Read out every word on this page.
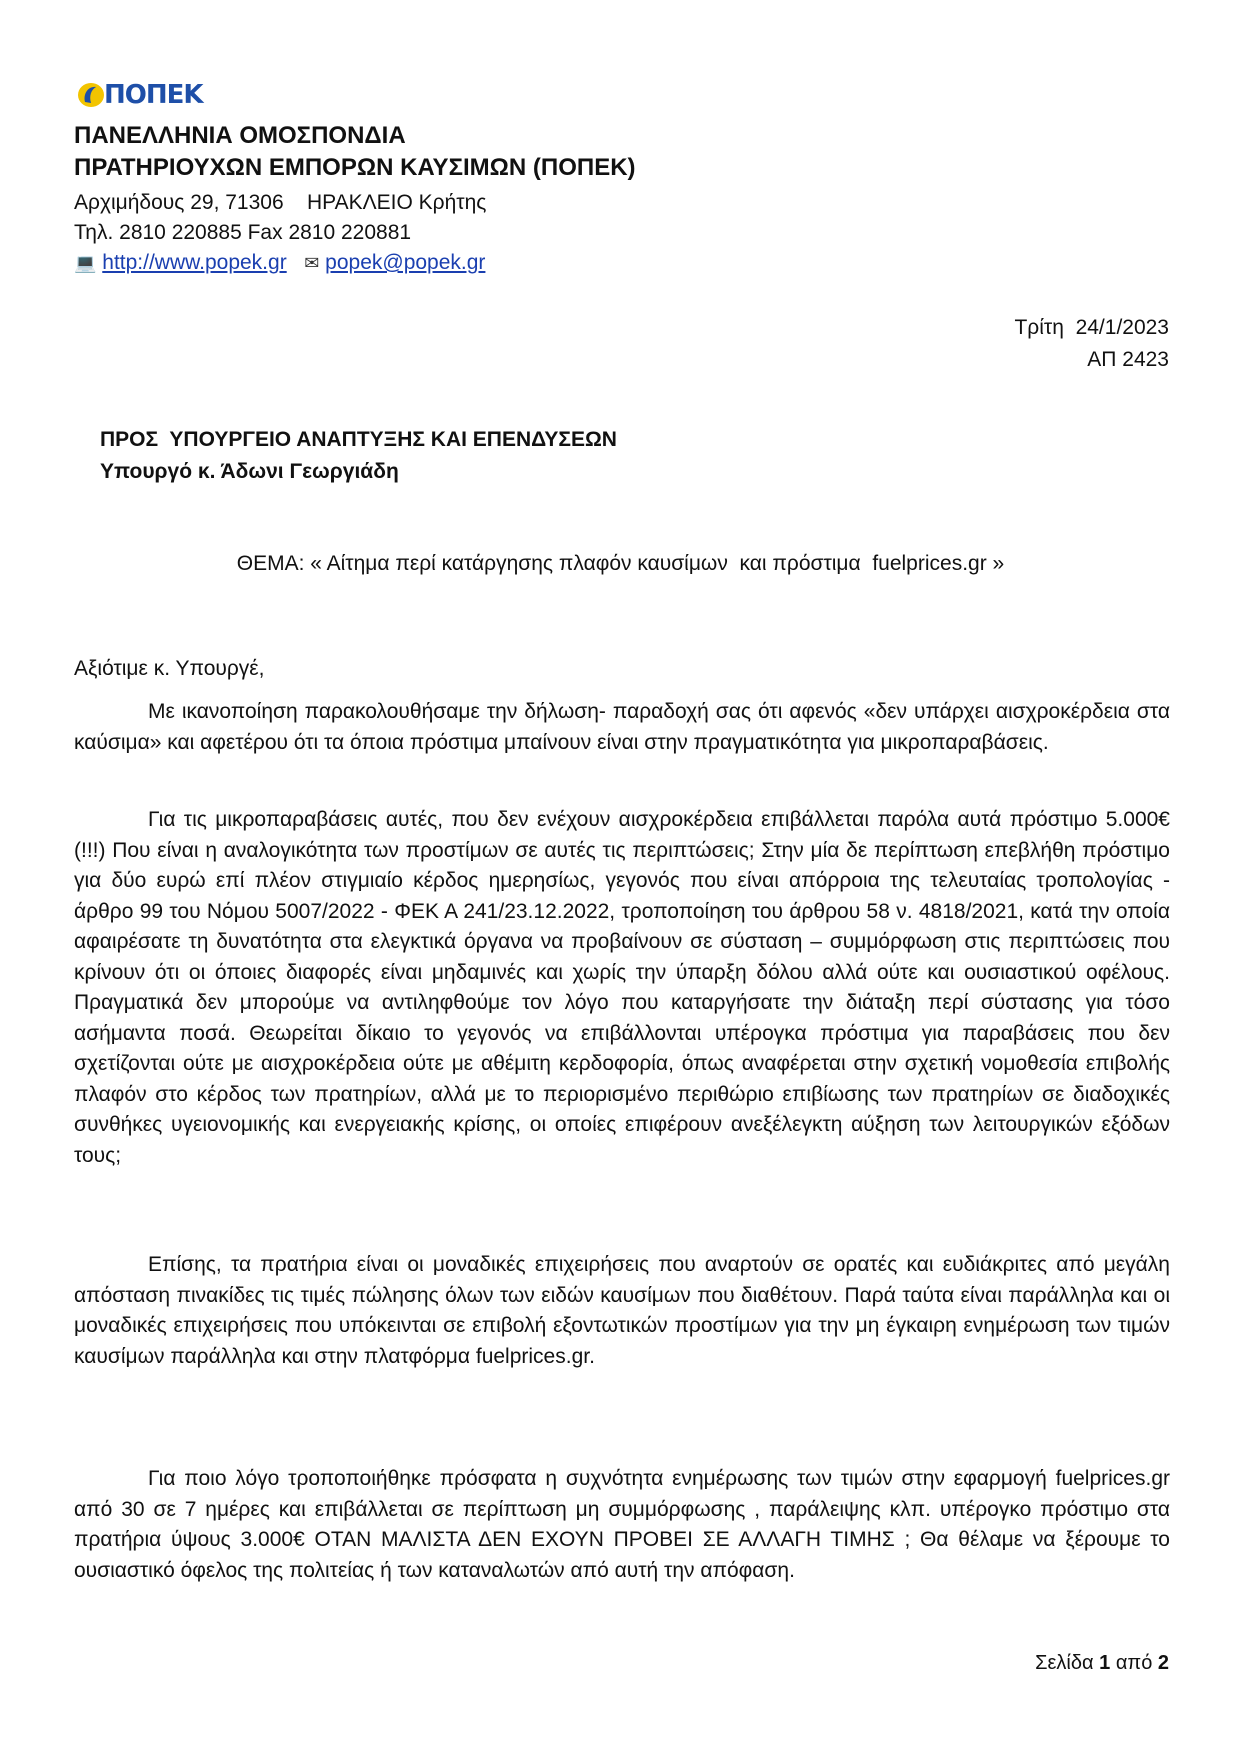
ΠΟΠΕΚ
ΠΑΝΕΛΛΗΝΙΑ ΟΜΟΣΠΟΝΔΙΑ
ΠΡΑΤΗΡΙΟΥΧΩΝ ΕΜΠΟΡΩΝ ΚΑΥΣΙΜΩΝ (ΠΟΠΕΚ)
Αρχιμήδους 29, 71306    ΗΡΑΚΛΕΙΟ Κρήτης
Τηλ. 2810 220885 Fax 2810 220881
💻 http://www.popek.gr ✉ popek@popek.gr
Τρίτη  24/1/2023
ΑΠ 2423
ΠΡΟΣ  ΥΠΟΥΡΓΕΙΟ ΑΝΑΠΤΥΞΗΣ ΚΑΙ ΕΠΕΝΔΥΣΕΩΝ
Υπουργό κ. Άδωνι Γεωργιάδη
ΘΕΜΑ: « Αίτημα περί κατάργησης πλαφόν καυσίμων  και πρόστιμα  fuelprices.gr »
Αξιότιμε κ. Υπουργέ,

Με ικανοποίηση παρακολουθήσαμε την δήλωση- παραδοχή σας ότι αφενός «δεν υπάρχει αισχροκέρδεια στα καύσιμα» και αφετέρου ότι τα όποια πρόστιμα μπαίνουν είναι στην πραγματικότητα για μικροπαραβάσεις.

Για τις μικροπαραβάσεις αυτές, που δεν ενέχουν αισχροκέρδεια επιβάλλεται παρόλα αυτά πρόστιμο 5.000€ (!!!) Που είναι η αναλογικότητα των προστίμων σε αυτές τις περιπτώσεις; Στην μία δε περίπτωση επεβλήθη πρόστιμο για δύο ευρώ επί πλέον στιγμιαίο κέρδος ημερησίως, γεγονός που είναι απόρροια της τελευταίας τροπολογίας - άρθρο 99 του Νόμου 5007/2022 - ΦΕΚ Α 241/23.12.2022, τροποποίηση του άρθρου 58 ν. 4818/2021, κατά την οποία αφαιρέσατε τη δυνατότητα στα ελεγκτικά όργανα να προβαίνουν σε σύσταση – συμμόρφωση στις περιπτώσεις που κρίνουν ότι οι όποιες διαφορές είναι μηδαμινές και χωρίς την ύπαρξη δόλου αλλά ούτε και ουσιαστικού οφέλους. Πραγματικά δεν μπορούμε να αντιληφθούμε τον λόγο που καταργήσατε την διάταξη περί σύστασης για τόσο ασήμαντα ποσά. Θεωρείται δίκαιο το γεγονός να επιβάλλονται υπέρογκα πρόστιμα για παραβάσεις που δεν σχετίζονται ούτε με αισχροκέρδεια ούτε με αθέμιτη κερδοφορία, όπως αναφέρεται στην σχετική νομοθεσία επιβολής πλαφόν στο κέρδος των πρατηρίων, αλλά με το περιορισμένο περιθώριο επιβίωσης των πρατηρίων σε διαδοχικές συνθήκες υγειονομικής και ενεργειακής κρίσης, οι οποίες επιφέρουν ανεξέλεγκτη αύξηση των λειτουργικών εξόδων τους;

Επίσης, τα πρατήρια είναι οι μοναδικές επιχειρήσεις που αναρτούν σε ορατές και ευδιάκριτες από μεγάλη απόσταση πινακίδες τις τιμές πώλησης όλων των ειδών καυσίμων που διαθέτουν. Παρά ταύτα είναι παράλληλα και οι μοναδικές επιχειρήσεις που υπόκεινται σε επιβολή εξοντωτικών προστίμων για την μη έγκαιρη ενημέρωση των τιμών καυσίμων παράλληλα και στην πλατφόρμα fuelprices.gr.

Για ποιο λόγο τροποποιήθηκε πρόσφατα η συχνότητα ενημέρωσης των τιμών στην εφαρμογή fuelprices.gr από 30 σε 7 ημέρες και επιβάλλεται σε περίπτωση μη συμμόρφωσης , παράλειψης κλπ. υπέρογκο πρόστιμο στα πρατήρια ύψους 3.000€ ΟΤΑΝ ΜΑΛΙΣΤΑ ΔΕΝ ΕΧΟΥΝ ΠΡΟΒΕΙ ΣΕ ΑΛΛΑΓΗ ΤΙΜΗΣ ; Θα θέλαμε να ξέρουμε το ουσιαστικό όφελος της πολιτείας ή των καταναλωτών από αυτή την απόφαση.

Σελίδα 1 από 2
